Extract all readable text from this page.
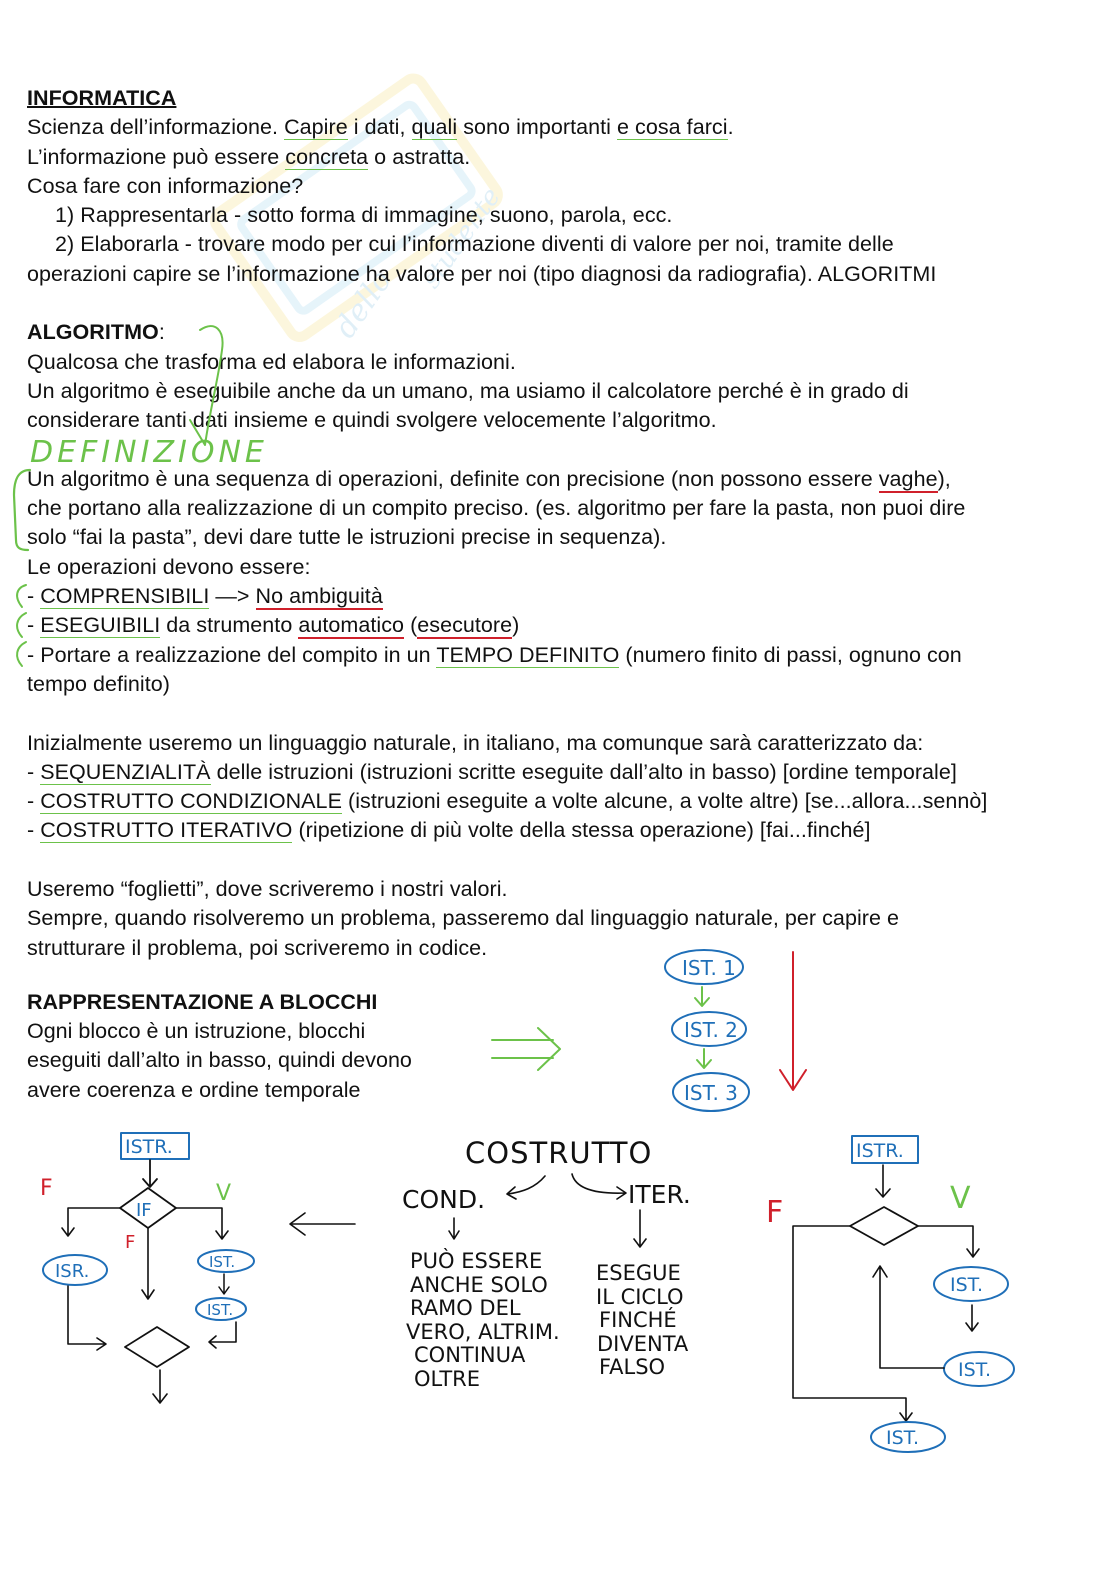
dello
studente

INFORMATICA

Scienza dell’informazione. Capire i dati, quali sono importanti e cosa farci.

L’informazione può essere concreta o astratta.

Cosa fare con informazione?

1) Rappresentarla - sotto forma di immagine, suono, parola, ecc.

2) Elaborarla - trovare modo per cui l’informazione diventi di valore per noi, tramite delle

operazioni capire se l’informazione ha valore per noi (tipo diagnosi da radiografia). ALGORITMI

ALGORITMO:

Qualcosa che trasforma ed elabora le informazioni.

Un algoritmo è eseguibile anche da un umano, ma usiamo il calcolatore perché è in grado di

considerare tanti dati insieme e quindi svolgere velocemente l’algoritmo.

Un algoritmo è una sequenza di operazioni, definite con precisione (non possono essere vaghe),

che portano alla realizzazione di un compito preciso. (es. algoritmo per fare la pasta, non puoi dire

solo “fai la pasta”, devi dare tutte le istruzioni precise in sequenza).

Le operazioni devono essere:

- COMPRENSIBILI —> No ambiguità

- ESEGUIBILI da strumento automatico (esecutore)

- Portare a realizzazione del compito in un TEMPO DEFINITO (numero finito di passi, ognuno con

tempo definito)

Inizialmente useremo un linguaggio naturale, in italiano, ma comunque sarà caratterizzato da:

- SEQUENZIALITÀ delle istruzioni (istruzioni scritte eseguite dall’alto in basso) [ordine temporale]

- COSTRUTTO CONDIZIONALE (istruzioni eseguite a volte alcune, a volte altre) [se...allora...sennò]

- COSTRUTTO ITERATIVO (ripetizione di più volte della stessa operazione) [fai...finché]

Useremo “foglietti”, dove scriveremo i nostri valori.

Sempre, quando risolveremo un problema, passeremo dal linguaggio naturale, per capire e

strutturare il problema, poi scriveremo in codice.

RAPPRESENTAZIONE A BLOCCHI

Ogni blocco è un istruzione, blocchi

eseguiti dall’alto in basso, quindi devono

avere coerenza e ordine temporale

DEFINIZIONE
IST. 1
IST. 2
IST. 3
ISTR.
IF
F	V
F
ISR.	IST.
IST.
COSTRUTTO
COND.	ITER.
PUÒ ESSERE
ANCHE SOLO
RAMO DEL
VERO, ALTRIM.
CONTINUA
OLTRE
ESEGUE
IL CICLO
FINCHÉ
DIVENTA
FALSO
ISTR.
F	V
IST.
IST.
IST.
